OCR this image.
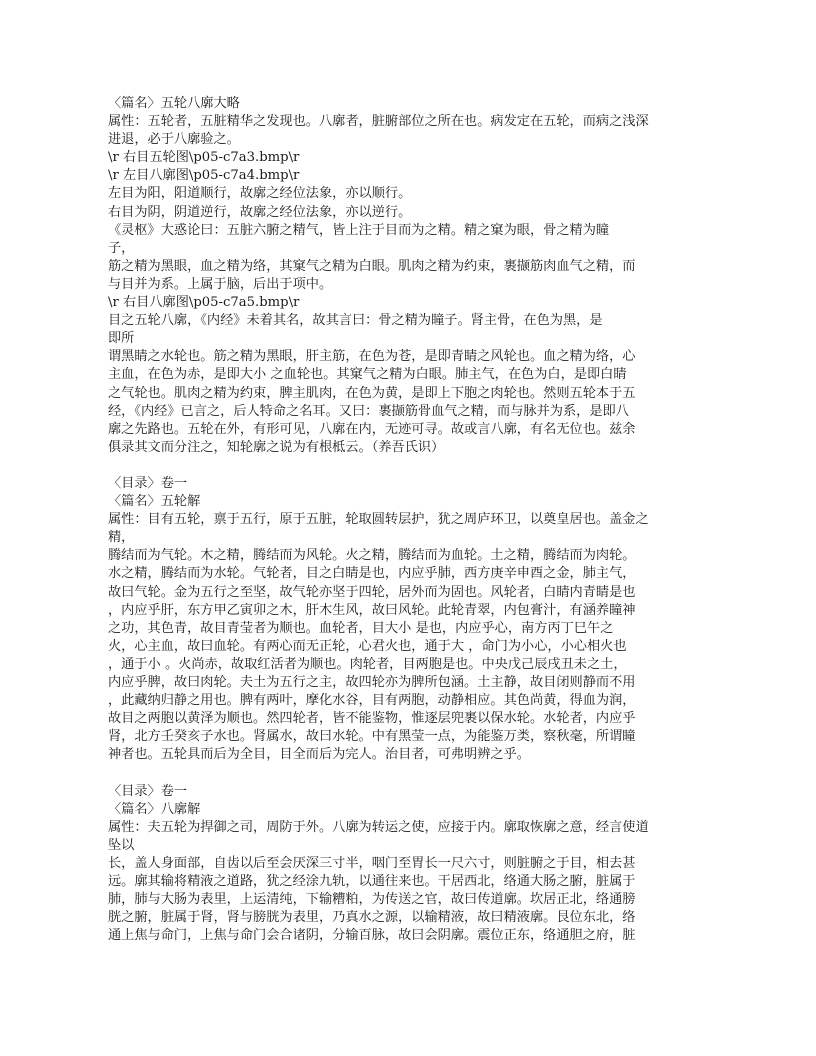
〈篇名〉五轮八廓大略
属性：五轮者，五脏精华之发现也。八廓者，脏腑部位之所在也。病发定在五轮，而病之浅深
进退，必于八廓验之。
\r 右目五轮图\p05-c7a3.bmp\r
\r 左目八廓图\p05-c7a4.bmp\r
左目为阳，阳道顺行，故廓之经位法象，亦以顺行。
右目为阴，阴道逆行，故廓之经位法象，亦以逆行。
《灵枢》大惑论曰：五脏六腑之精气，皆上注于目而为之精。精之窠为眼，骨之精为瞳
子，
筋之精为黑眼，血之精为络，其窠气之精为白眼。肌肉之精为约束，裹撷筋肉血气之精，而
与目并为系。上属于脑，后出于项中。
\r 右目八廓图\p05-c7a5.bmp\r
目之五轮八廓，《内经》未着其名，故其言曰：骨之精为瞳子。肾主骨，在色为黑，是
即所
谓黑睛之水轮也。筋之精为黑眼，肝主筋，在色为苍，是即青睛之风轮也。血之精为络，心
主血，在色为赤，是即大小 之血轮也。其窠气之精为白眼。肺主气，在色为白，是即白睛
之气轮也。肌肉之精为约束，脾主肌肉，在色为黄，是即上下胞之肉轮也。然则五轮本于五
经，《内经》已言之，后人特命之名耳。又曰：裹撷筋骨血气之精，而与脉并为系，是即八
廓之先路也。五轮在外，有形可见，八廓在内，无迹可寻。故或言八廓，有名无位也。兹余
俱录其文而分注之，知轮廓之说为有根柢云。（养吾氏识）
〈目录〉卷一
〈篇名〉五轮解
属性：目有五轮，禀于五行，原于五脏，轮取圆转层护，犹之周庐环卫，以奠皇居也。盖金之
精，
腾结而为气轮。木之精，腾结而为风轮。火之精，腾结而为血轮。土之精，腾结而为肉轮。
水之精，腾结而为水轮。气轮者，目之白睛是也，内应乎肺，西方庚辛申酉之金，肺主气，
故曰气轮。金为五行之至坚，故气轮亦坚于四轮，居外而为固也。风轮者，白睛内青睛是也
，内应乎肝，东方甲乙寅卯之木，肝木生风，故曰风轮。此轮青翠，内包膏汁，有涵养瞳神
之功，其色青，故目青莹者为顺也。血轮者，目大小 是也，内应乎心，南方丙丁巳午之
火，心主血，故曰血轮。有两心而无正轮，心君火也，通于大 ，命门为小心，小心相火也
，通于小 。火尚赤，故取红活者为顺也。肉轮者，目两胞是也。中央戊己辰戌丑未之土，
内应乎脾，故曰肉轮。夫土为五行之主，故四轮亦为脾所包涵。土主静，故目闭则静而不用
，此藏纳归静之用也。脾有两叶，摩化水谷，目有两胞，动静相应。其色尚黄，得血为润，
故目之两胞以黄泽为顺也。然四轮者，皆不能鉴物，惟逐层兜裹以保水轮。水轮者，内应乎
肾，北方壬癸亥子水也。肾属水，故曰水轮。中有黑莹一点，为能鉴万类，察秋毫，所谓瞳
神者也。五轮具而后为全目，目全而后为完人。治目者，可弗明辨之乎。
〈目录〉卷一
〈篇名〉八廓解
属性：夫五轮为捍御之司，周防于外。八廓为转运之使，应接于内。廓取恢廓之意，经言使道
坠以
长，盖人身面部，自齿以后至会厌深三寸半，咽门至胃长一尺六寸，则脏腑之于目，相去甚
远。廓其输将精液之道路，犹之经涂九轨，以通往来也。干居西北，络通大肠之腑，脏属于
肺，肺与大肠为表里，上运清纯，下输糟粕，为传送之官，故曰传道廓。坎居正北，络通膀
胱之腑，脏属于肾，肾与膀胱为表里，乃真水之源，以输精液，故曰精液廓。艮位东北，络
通上焦与命门，上焦与命门会合诸阴，分输百脉，故曰会阴廓。震位正东，络通胆之府，脏
